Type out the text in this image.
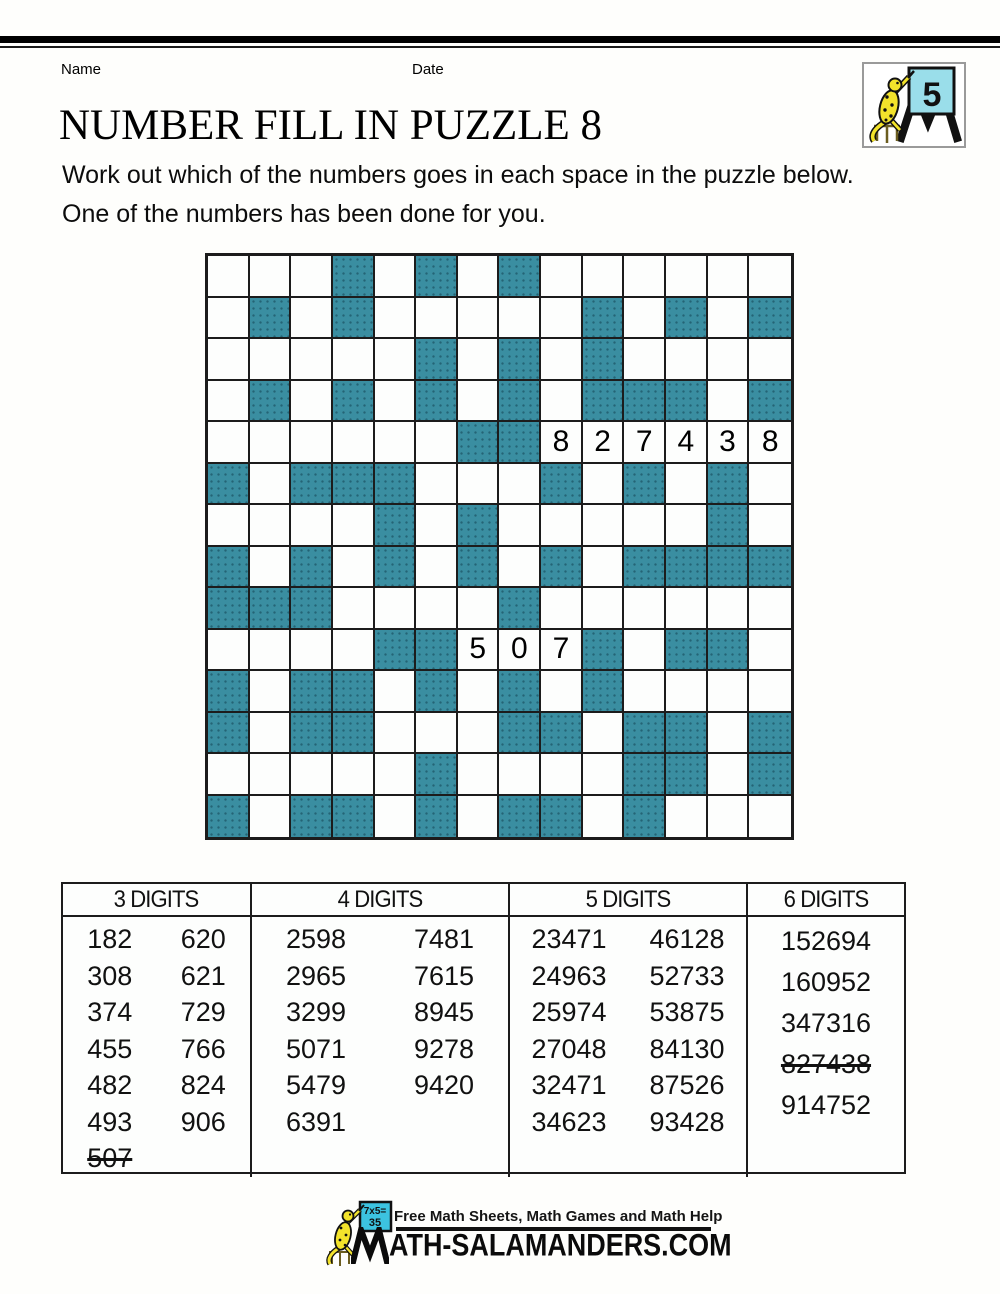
Name	Date
5
NUMBER FILL IN PUZZLE 8

Work out which of the numbers goes in each space in the puzzle below.

One of the numbers has been done for you.

8 2 7 4 3 8
5 0 7
3 DIGITS
182
308
374
455
482
493
507
620
621
729
766
824
906
4 DIGITS
2598
2965
3299
5071
5479
6391
7481
7615
8945
9278
9420
5 DIGITS
23471
24963
25974
27048
32471
34623
46128
52733
53875
84130
87526
93428
6 DIGITS
152694
160952
347316
827438
914752
7x5=
35 Free Math Sheets, Math Games and Math Help
ATH-SALAMANDERS.COM
